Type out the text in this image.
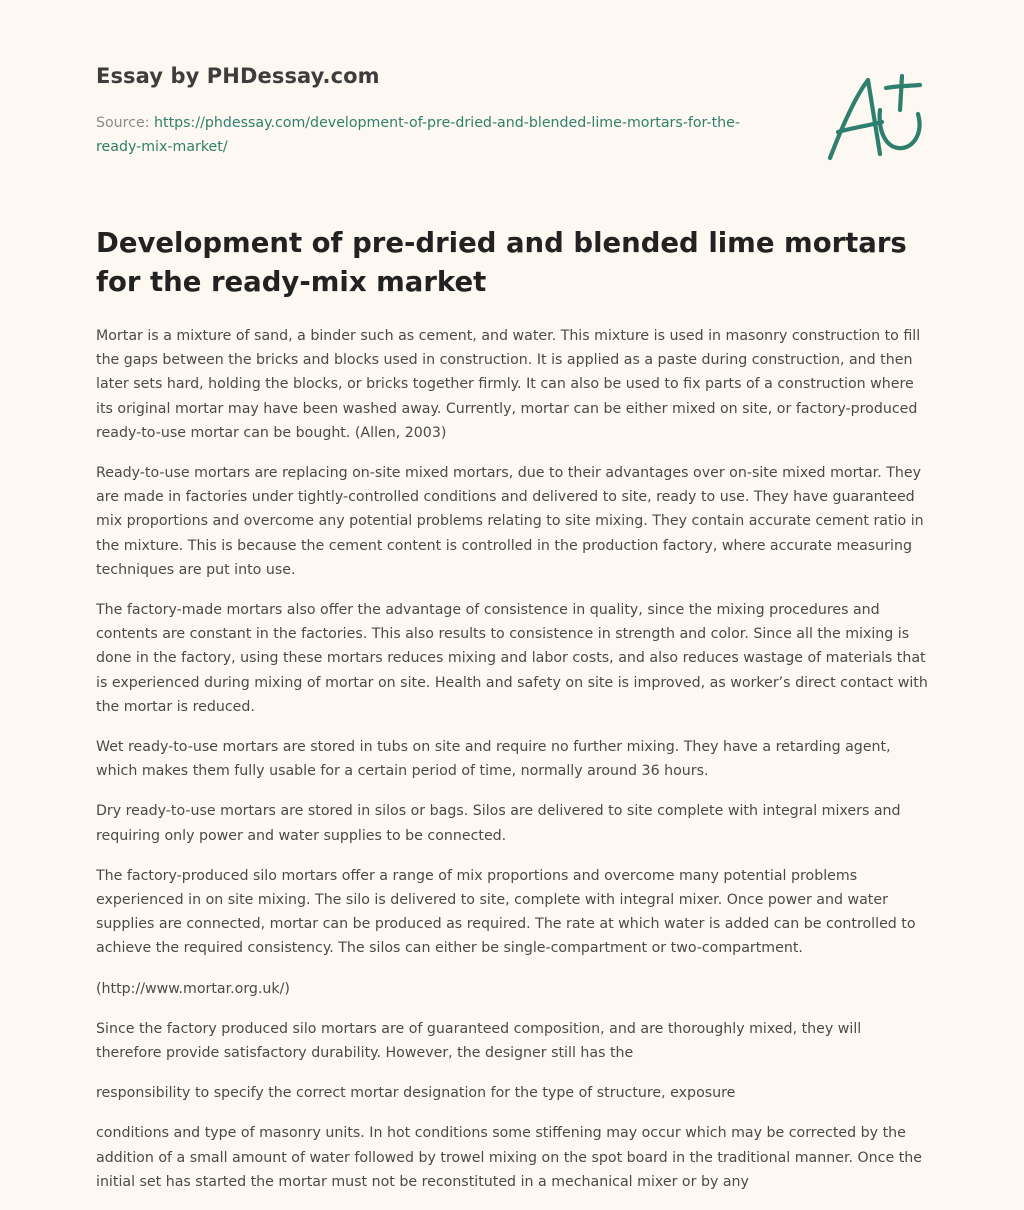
Essay by PHDessay.com
Source: https://phdessay.com/development-of-pre-dried-and-blended-lime-mortars-for-the-ready-mix-market/
Development of pre-dried and blended lime mortars for the ready-mix market

Mortar is a mixture of sand, a binder such as cement, and water. This mixture is used in masonry construction to fill the gaps between the bricks and blocks used in construction. It is applied as a paste during construction, and then later sets hard, holding the blocks, or bricks together firmly. It can also be used to fix parts of a construction where its original mortar may have been washed away. Currently, mortar can be either mixed on site, or factory-produced ready-to-use mortar can be bought. (Allen, 2003)

Ready-to-use mortars are replacing on-site mixed mortars, due to their advantages over on-site mixed mortar. They are made in factories under tightly-controlled conditions and delivered to site, ready to use. They have guaranteed mix proportions and overcome any potential problems relating to site mixing. They contain accurate cement ratio in the mixture. This is because the cement content is controlled in the production factory, where accurate measuring techniques are put into use.

The factory-made mortars also offer the advantage of consistence in quality, since the mixing procedures and contents are constant in the factories. This also results to consistence in strength and color. Since all the mixing is done in the factory, using these mortars reduces mixing and labor costs, and also reduces wastage of materials that is experienced during mixing of mortar on site. Health and safety on site is improved, as worker’s direct contact with the mortar is reduced.

Wet ready-to-use mortars are stored in tubs on site and require no further mixing. They have a retarding agent, which makes them fully usable for a certain period of time, normally around 36 hours.

Dry ready-to-use mortars are stored in silos or bags. Silos are delivered to site complete with integral mixers and requiring only power and water supplies to be connected.

The factory-produced silo mortars offer a range of mix proportions and overcome many potential problems experienced in on site mixing. The silo is delivered to site, complete with integral mixer. Once power and water supplies are connected, mortar can be produced as required. The rate at which water is added can be controlled to achieve the required consistency. The silos can either be single-compartment or two-compartment.

(http://www.mortar.org.uk/)

Since the factory produced silo mortars are of guaranteed composition, and are thoroughly mixed, they will therefore provide satisfactory durability. However, the designer still has the

responsibility to specify the correct mortar designation for the type of structure, exposure

conditions and type of masonry units. In hot conditions some stiffening may occur which may be corrected by the addition of a small amount of water followed by trowel mixing on the spot board in the traditional manner. Once the initial set has started the mortar must not be reconstituted in a mechanical mixer or by any
